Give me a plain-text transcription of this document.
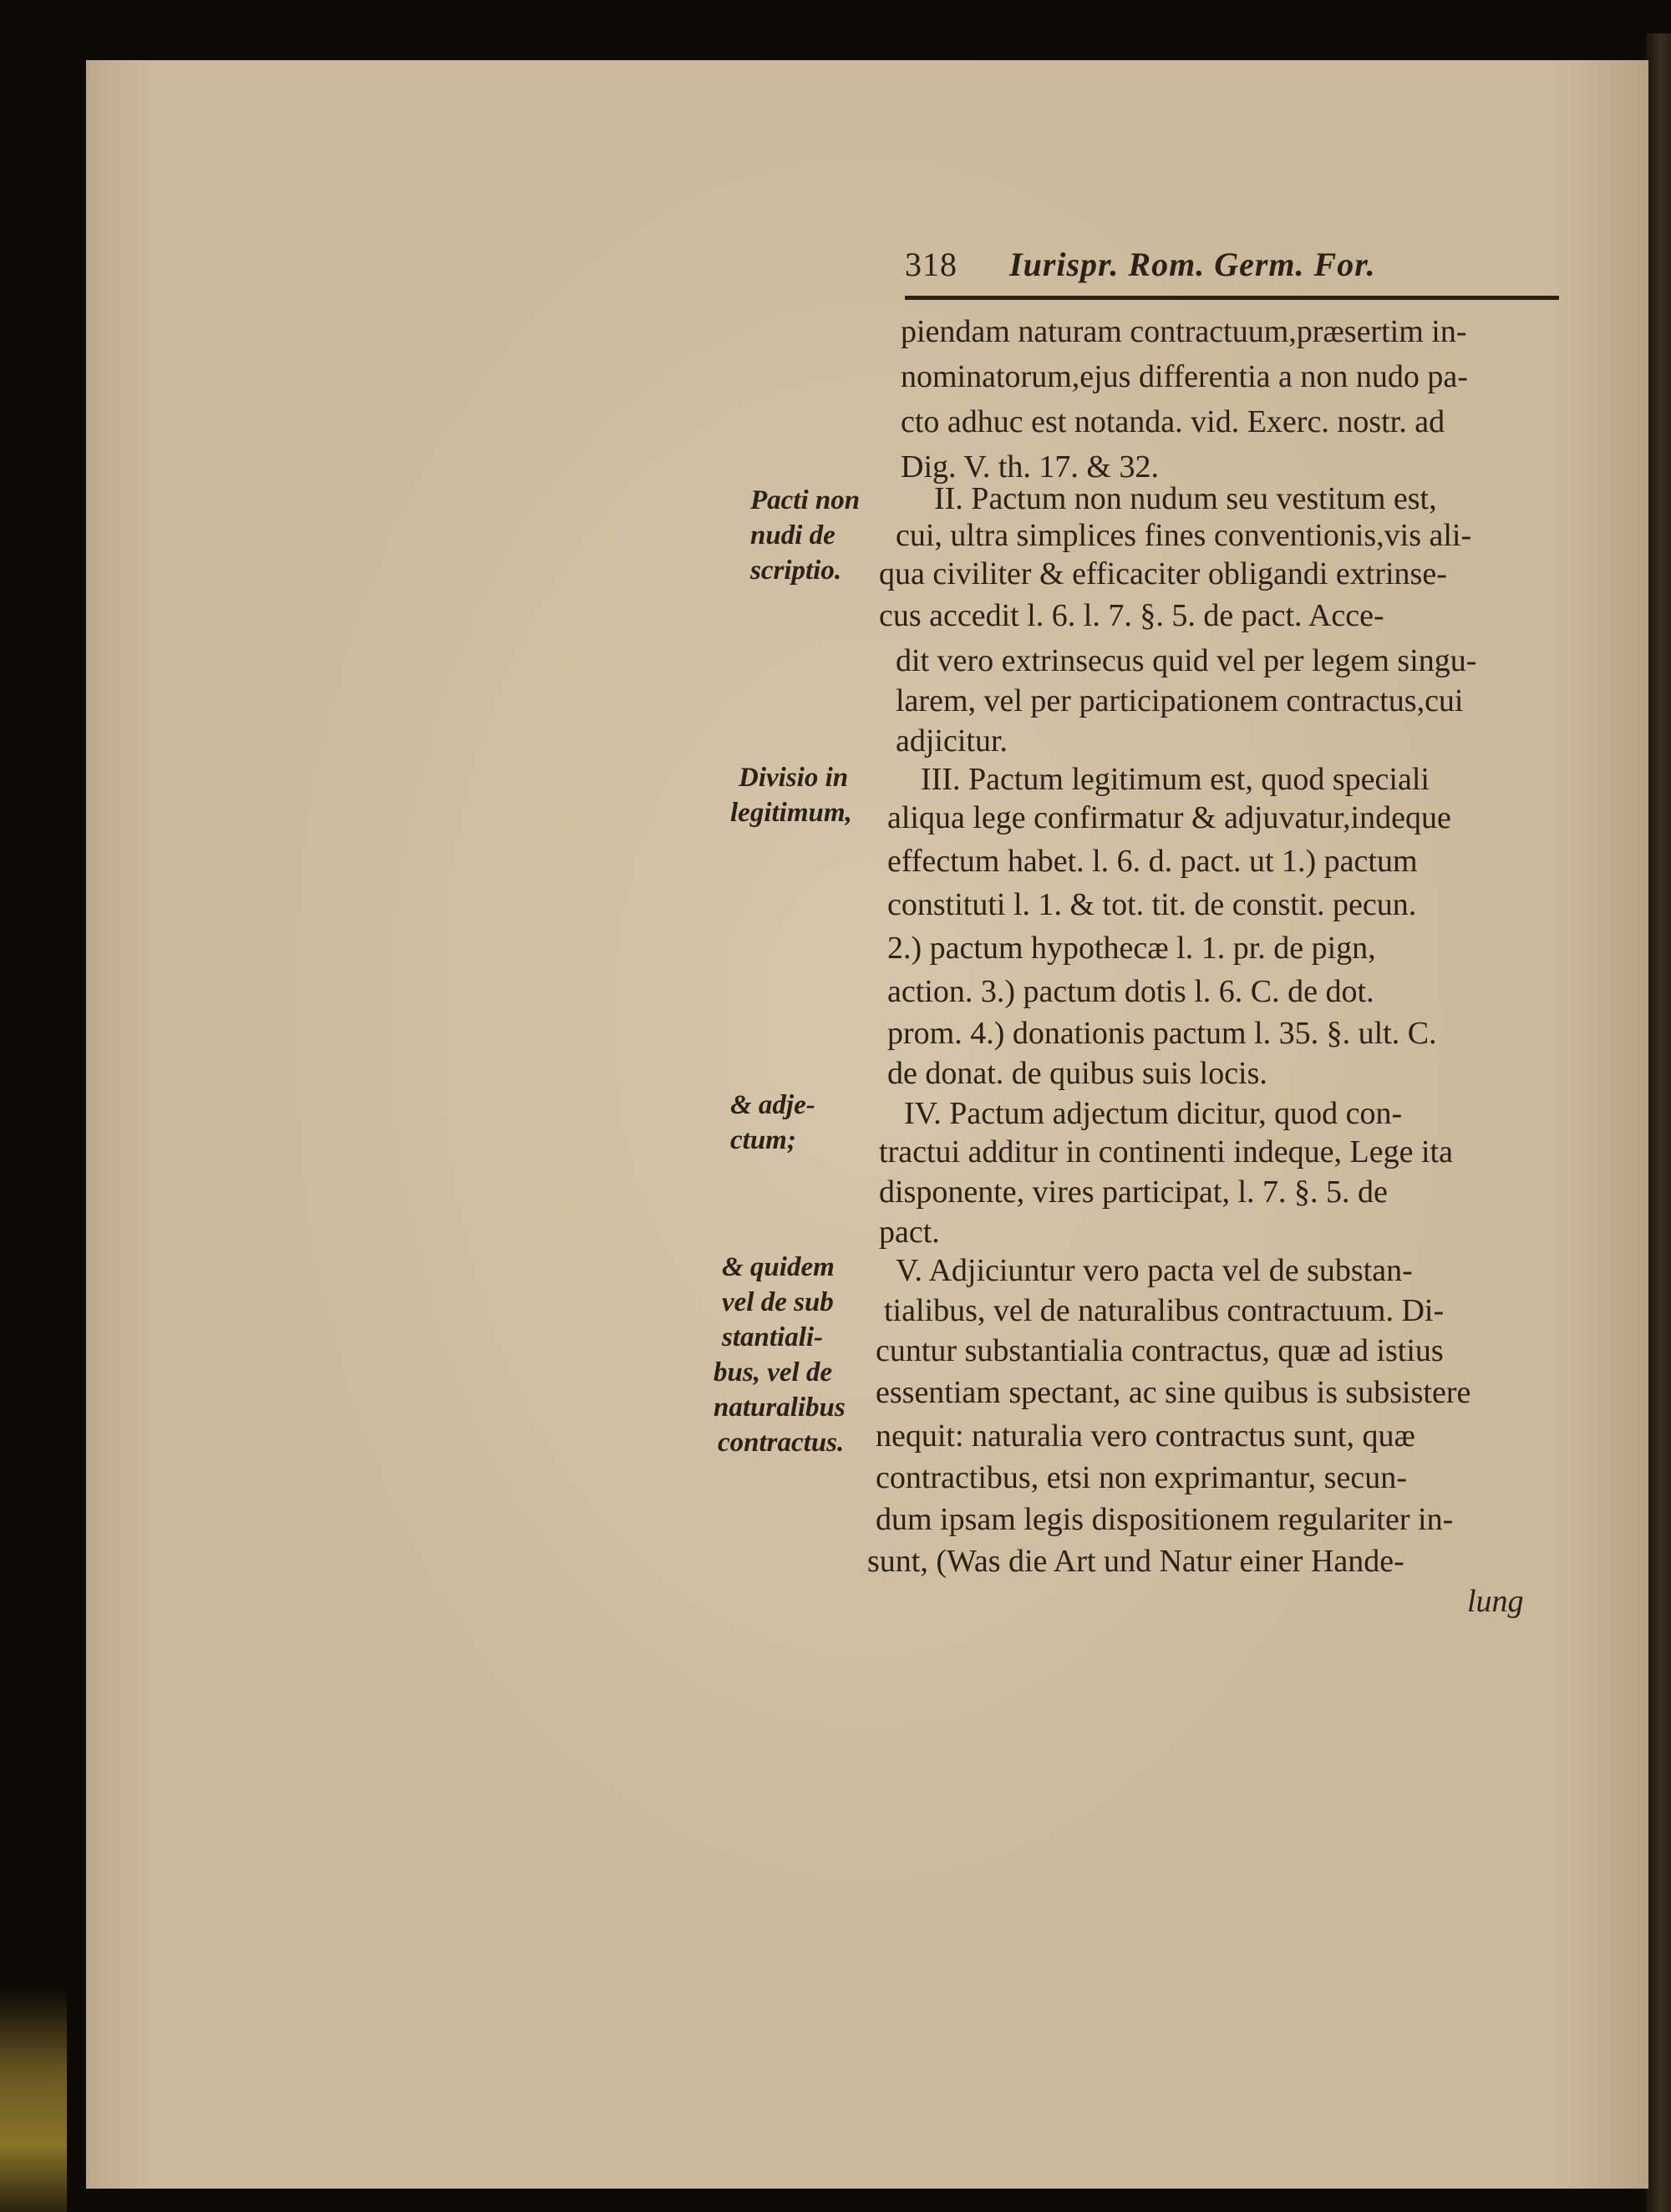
318 Iurispr. Rom. Germ. For.
piendam naturam contractuum,præsertim in-
nominatorum,ejus differentia a non nudo pa-
cto adhuc est notanda. vid. Exerc. nostr. ad
Dig. V. th. 17. & 32.
II. Pactum non nudum seu vestitum est,
cui, ultra simplices fines conventionis,vis ali-
qua civiliter & efficaciter obligandi extrinse-
cus accedit l. 6. l. 7. §. 5. de pact. Acce-
dit vero extrinsecus quid vel per legem singu-
larem, vel per participationem contractus,cui
adjicitur.
III. Pactum legitimum est, quod speciali
aliqua lege confirmatur & adjuvatur,indeque
effectum habet. l. 6. d. pact. ut 1.) pactum
constituti l. 1. & tot. tit. de constit. pecun.
2.) pactum hypothecæ l. 1. pr. de pign,
action. 3.) pactum dotis l. 6. C. de dot.
prom. 4.) donationis pactum l. 35. §. ult. C.
de donat. de quibus suis locis.
IV. Pactum adjectum dicitur, quod con-
tractui additur in continenti indeque, Lege ita
disponente, vires participat, l. 7. §. 5. de
pact.
V. Adjiciuntur vero pacta vel de substan-
tialibus, vel de naturalibus contractuum. Di-
cuntur substantialia contractus, quæ ad istius
essentiam spectant, ac sine quibus is subsistere
nequit: naturalia vero contractus sunt, quæ
contractibus, etsi non exprimantur, secun-
dum ipsam legis dispositionem regulariter in-
sunt, (Was die Art und Natur einer Hande-
lung
Pacti non
nudi de
scriptio.
Divisio in
legitimum,
& adje-
ctum;
& quidem
vel de sub
stantiali-
bus, vel de
naturalibus
contractus.
